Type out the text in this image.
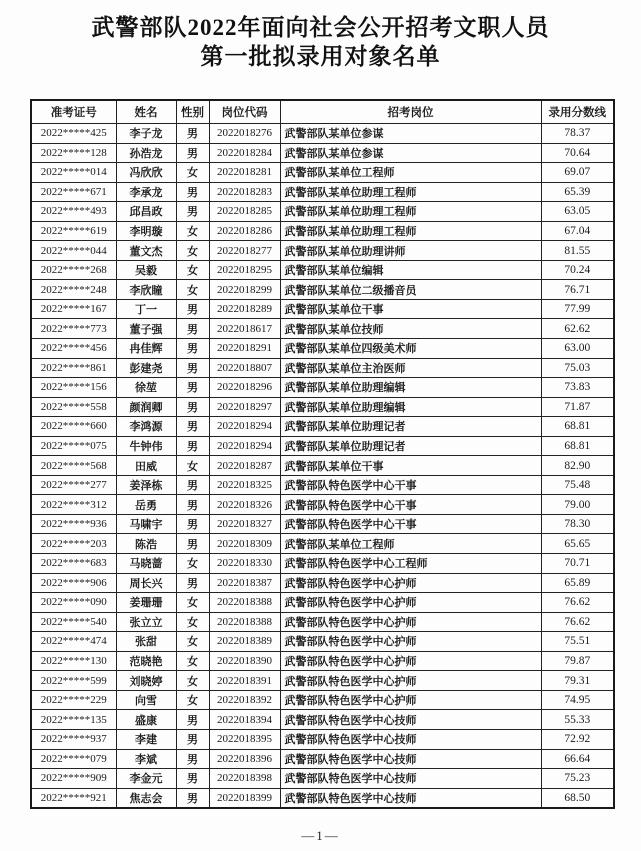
武警部队2022年面向社会公开招考文职人员
第一批拟录用对象名单
准考证号	姓名	性别	岗位代码	招考岗位	录用分数线
2022*****425	李子龙	男	2022018276	武警部队某单位参谋	78.37
2022*****128	孙浩龙	男	2022018284	武警部队某单位参谋	70.64
2022*****014	冯欣欣	女	2022018281	武警部队某单位工程师	69.07
2022*****671	李承龙	男	2022018283	武警部队某单位助理工程师	65.39
2022*****493	邱昌政	男	2022018285	武警部队某单位助理工程师	63.05
2022*****619	李明璇	女	2022018286	武警部队某单位助理工程师	67.04
2022*****044	董文杰	女	2022018277	武警部队某单位助理讲师	81.55
2022*****268	吴毅	女	2022018295	武警部队某单位编辑	70.24
2022*****248	李欣瞳	女	2022018299	武警部队某单位二级播音员	76.71
2022*****167	丁一	男	2022018289	武警部队某单位干事	77.99
2022*****773	董子强	男	2022018617	武警部队某单位技师	62.62
2022*****456	冉佳辉	男	2022018291	武警部队某单位四级美术师	63.00
2022*****861	彭建尧	男	2022018807	武警部队某单位主治医师	75.03
2022*****156	徐堃	男	2022018296	武警部队某单位助理编辑	73.83
2022*****558	颜润卿	男	2022018297	武警部队某单位助理编辑	71.87
2022*****660	李鸿源	男	2022018294	武警部队某单位助理记者	68.81
2022*****075	牛钟伟	男	2022018294	武警部队某单位助理记者	68.81
2022*****568	田威	女	2022018287	武警部队某单位干事	82.90
2022*****277	姜泽栋	男	2022018325	武警部队特色医学中心干事	75.48
2022*****312	岳勇	男	2022018326	武警部队特色医学中心干事	79.00
2022*****936	马啸宇	男	2022018327	武警部队特色医学中心干事	78.30
2022*****203	陈浩	男	2022018309	武警部队某单位工程师	65.65
2022*****683	马晓蔷	女	2022018330	武警部队特色医学中心工程师	70.71
2022*****906	周长兴	男	2022018387	武警部队特色医学中心护师	65.89
2022*****090	姜珊珊	女	2022018388	武警部队特色医学中心护师	76.62
2022*****540	张立立	女	2022018388	武警部队特色医学中心护师	76.62
2022*****474	张甜	女	2022018389	武警部队特色医学中心护师	75.51
2022*****130	范晓艳	女	2022018390	武警部队特色医学中心护师	79.87
2022*****599	刘晓婷	女	2022018391	武警部队特色医学中心护师	79.31
2022*****229	向雪	女	2022018392	武警部队特色医学中心护师	74.95
2022*****135	盛康	男	2022018394	武警部队特色医学中心技师	55.33
2022*****937	李建	男	2022018395	武警部队特色医学中心技师	72.92
2022*****079	李斌	男	2022018396	武警部队特色医学中心技师	66.64
2022*****909	李金元	男	2022018398	武警部队特色医学中心技师	75.23
2022*****921	焦志会	男	2022018399	武警部队特色医学中心技师	68.50
—1—
